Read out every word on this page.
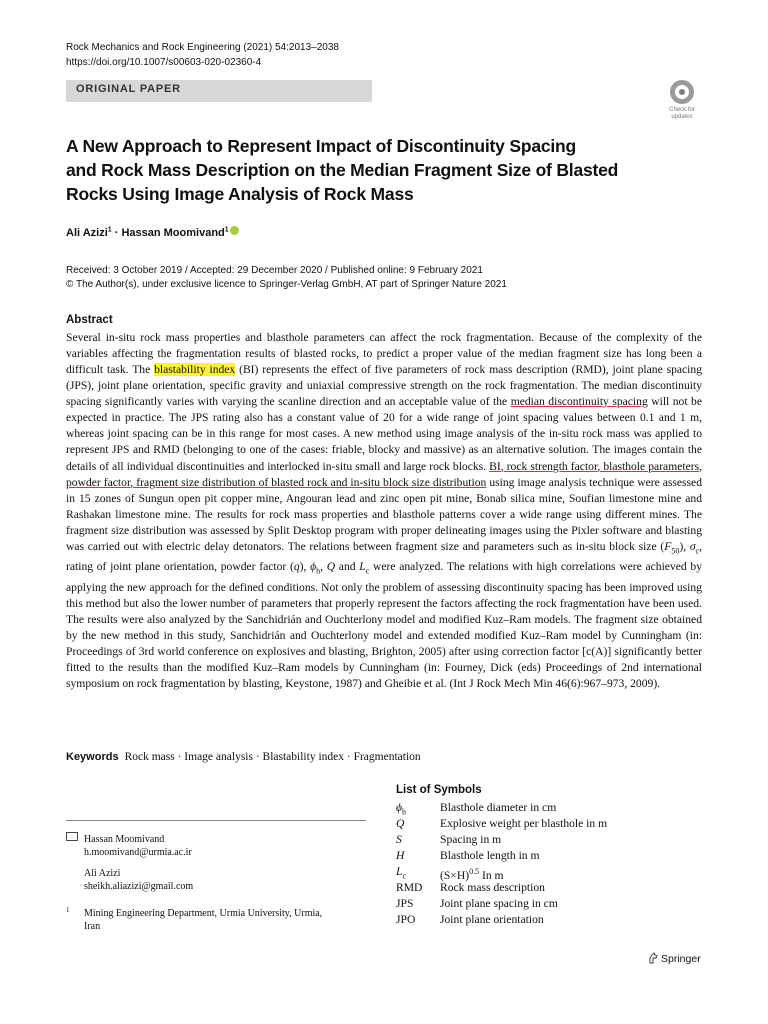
Rock Mechanics and Rock Engineering (2021) 54:2013–2038
https://doi.org/10.1007/s00603-020-02360-4
ORIGINAL PAPER
Check for
updates
A New Approach to Represent Impact of Discontinuity Spacing
and Rock Mass Description on the Median Fragment Size of Blasted
Rocks Using Image Analysis of Rock Mass
Ali Azizi$^1$ · Hassan Moomivand$^1$
Received: 3 October 2019 / Accepted: 29 December 2020 / Published online: 9 February 2021
© The Author(s), under exclusive licence to Springer-Verlag GmbH, AT part of Springer Nature 2021
Abstract
Several in-situ rock mass properties and blasthole parameters can affect the rock fragmentation. Because of the complexity of the variables affecting the fragmentation results of blasted rocks, to predict a proper value of the median fragment size has long been a difficult task. The blastability index (BI) represents the effect of five parameters of rock mass description (RMD), joint plane spacing (JPS), joint plane orientation, specific gravity and uniaxial compressive strength on the rock fragmentation. The median discontinuity spacing significantly varies with varying the scanline direction and an acceptable value of the median discontinuity spacing will not be expected in practice. The JPS rating also has a constant value of 20 for a wide range of joint spacing values between 0.1 and 1 m, whereas joint spacing can be in this range for most cases. A new method using image analysis of the in-situ rock mass was applied to represent JPS and RMD (belonging to one of the cases: friable, blocky and massive) as an alternative solution. The images contain the details of all individual discontinuities and interlocked in-situ small and large rock blocks. BI, rock strength factor, blasthole parameters, powder factor, fragment size distribution of blasted rock and in-situ block size distribution using image analysis technique were assessed in 15 zones of Sungun open pit copper mine, Angouran lead and zinc open pit mine, Bonab silica mine, Soufian limestone mine and Rashakan limestone mine. The results for rock mass properties and blasthole patterns cover a wide range using different mines. The fragment size distribution was assessed by Split Desktop program with proper delineating images using the Pixler software and blasting was carried out with electric delay detonators. The relations between fragment size and parameters such as in-situ block size $(F_{50})$, $\sigma_c$, rating of joint plane orientation, powder factor (q), $\phi_h$, Q and $L_c$ were analyzed. The relations with high correlations were achieved by applying the new approach for the defined conditions. Not only the problem of assessing discontinuity spacing has been improved using this method but also the lower number of parameters that properly represent the factors affecting the rock fragmentation have been used. The results were also analyzed by the Sanchidrián and Ouchterlony model and modified Kuz–Ram models. The fragment size obtained by the new method in this study, Sanchidrián and Ouchterlony model and extended modified Kuz–Ram model by Cunningham (in: Proceedings of 3rd world conference on explosives and blasting, Brighton, 2005) after using correction factor [c(A)] significantly better fitted to the results than the modified Kuz–Ram models by Cunningham (in: Fourney, Dick (eds) Proceedings of 2nd international symposium on rock fragmentation by blasting, Keystone, 1987) and Gheibie et al. (Int J Rock Mech Min 46(6):967–973, 2009).
Keywords Rock mass · Image analysis · Blastability index · Fragmentation
List of Symbols
$\phi_h$	Blasthole diameter in cm
Q	Explosive weight per blasthole in m
S	Spacing in m
H	Blasthole length in m
$L_c$	$(S\times H)^{0.5}$ In m
RMD Rock mass description
JPS Joint plane spacing in cm
JPO Joint plane orientation
Hassan Moomivand
h.moomivand@urmia.ac.ir
Ali Azizi
sheikh.aliazizi@gmail.com
1 Mining Engineering Department, Urmia University, Urmia,
Iran
Springer
